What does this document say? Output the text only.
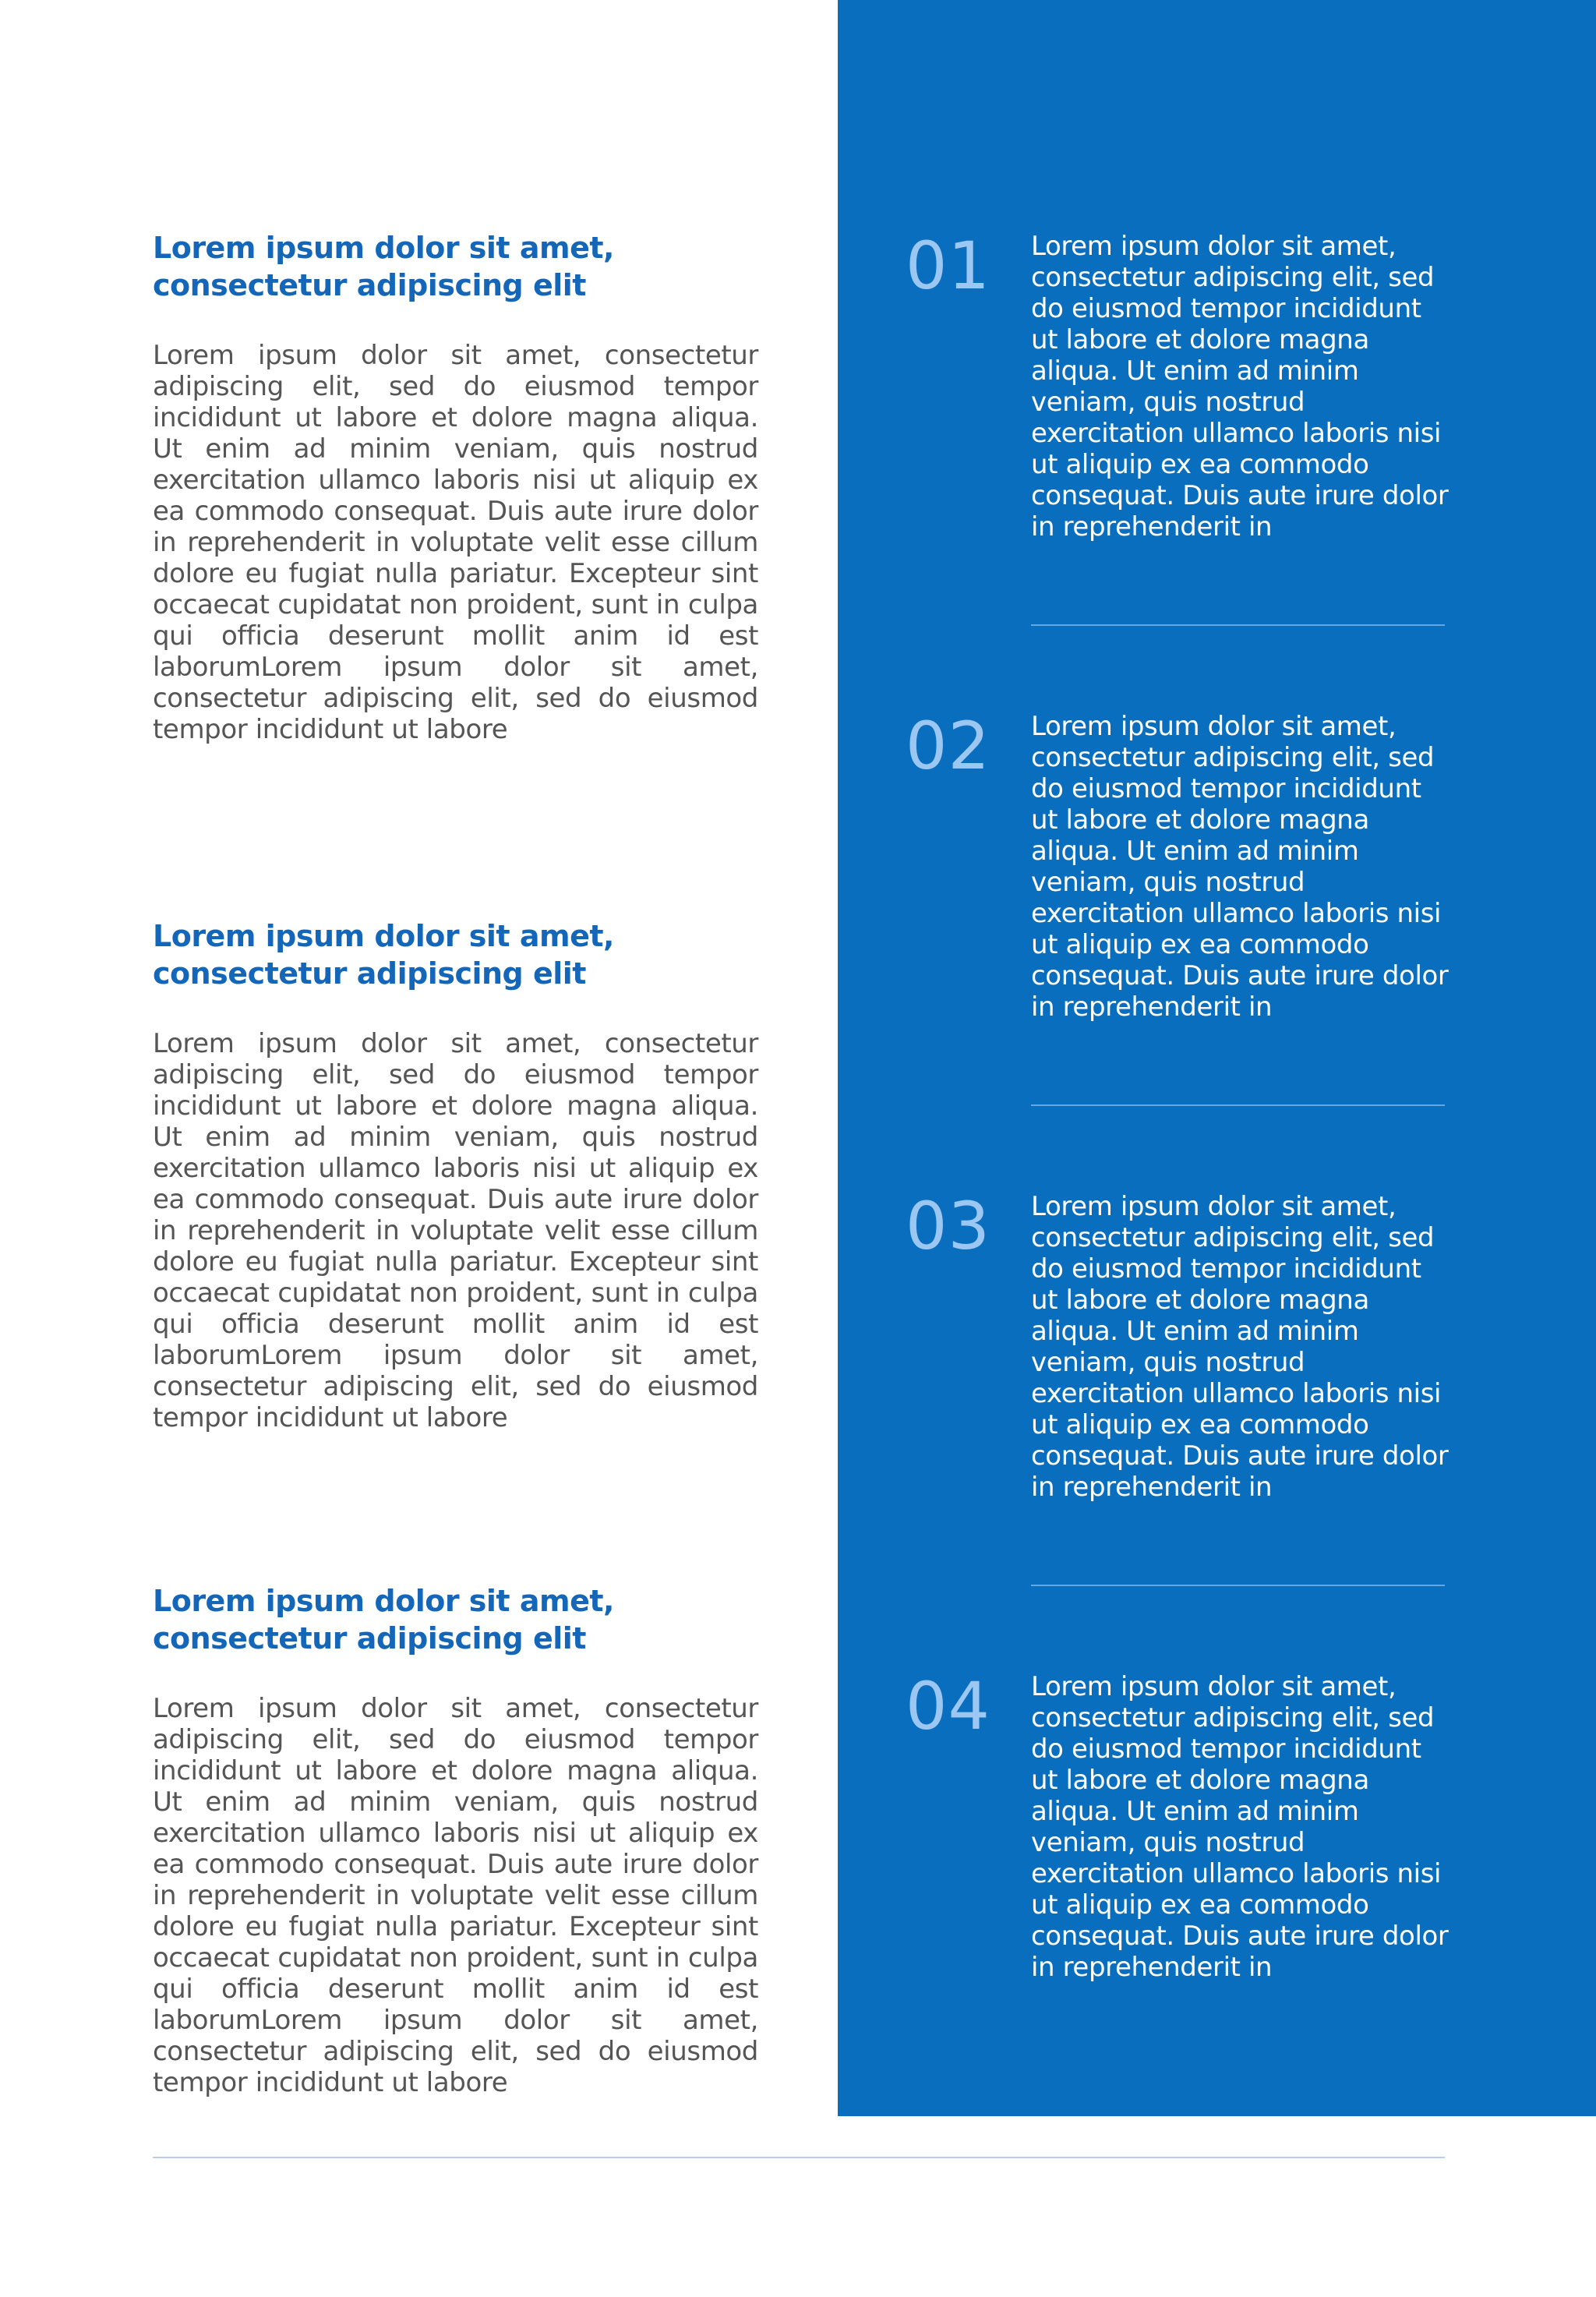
Lorem ipsum dolor sit amet, consectetur adipiscing elit

Lorem ipsum dolor sit amet, consectetur adipiscing elit, sed do eiusmod tempor incididunt ut labore et dolore magna aliqua. Ut enim ad minim veniam, quis nostrud exercitation ullamco laboris nisi ut aliquip ex ea commodo consequat. Duis aute irure dolor in reprehenderit in voluptate velit esse cillum dolore eu fugiat nulla pariatur. Excepteur sint occaecat cupidatat non proident, sunt in culpa qui officia deserunt mollit anim id est laborumLorem ipsum dolor sit amet, consectetur adipiscing elit, sed do eiusmod tempor incididunt ut labore

Lorem ipsum dolor sit amet, consectetur adipiscing elit

Lorem ipsum dolor sit amet, consectetur adipiscing elit, sed do eiusmod tempor incididunt ut labore et dolore magna aliqua. Ut enim ad minim veniam, quis nostrud exercitation ullamco laboris nisi ut aliquip ex ea commodo consequat. Duis aute irure dolor in reprehenderit in voluptate velit esse cillum dolore eu fugiat nulla pariatur. Excepteur sint occaecat cupidatat non proident, sunt in culpa qui officia deserunt mollit anim id est laborumLorem ipsum dolor sit amet, consectetur adipiscing elit, sed do eiusmod tempor incididunt ut labore

Lorem ipsum dolor sit amet, consectetur adipiscing elit

Lorem ipsum dolor sit amet, consectetur adipiscing elit, sed do eiusmod tempor incididunt ut labore et dolore magna aliqua. Ut enim ad minim veniam, quis nostrud exercitation ullamco laboris nisi ut aliquip ex ea commodo consequat. Duis aute irure dolor in reprehenderit in voluptate velit esse cillum dolore eu fugiat nulla pariatur. Excepteur sint occaecat cupidatat non proident, sunt in culpa qui officia deserunt mollit anim id est laborumLorem ipsum dolor sit amet, consectetur adipiscing elit, sed do eiusmod tempor incididunt ut labore

01 Lorem ipsum dolor sit amet, consectetur adipiscing elit, sed do eiusmod tempor incididunt ut labore et dolore magna aliqua. Ut enim ad minim veniam, quis nostrud exercitation ullamco laboris nisi ut aliquip ex ea commodo consequat. Duis aute irure dolor in reprehenderit in

02 Lorem ipsum dolor sit amet, consectetur adipiscing elit, sed do eiusmod tempor incididunt ut labore et dolore magna aliqua. Ut enim ad minim veniam, quis nostrud exercitation ullamco laboris nisi ut aliquip ex ea commodo consequat. Duis aute irure dolor in reprehenderit in

03 Lorem ipsum dolor sit amet, consectetur adipiscing elit, sed do eiusmod tempor incididunt ut labore et dolore magna aliqua. Ut enim ad minim veniam, quis nostrud exercitation ullamco laboris nisi ut aliquip ex ea commodo consequat. Duis aute irure dolor in reprehenderit in

04 Lorem ipsum dolor sit amet, consectetur adipiscing elit, sed do eiusmod tempor incididunt ut labore et dolore magna aliqua. Ut enim ad minim veniam, quis nostrud exercitation ullamco laboris nisi ut aliquip ex ea commodo consequat. Duis aute irure dolor in reprehenderit in
